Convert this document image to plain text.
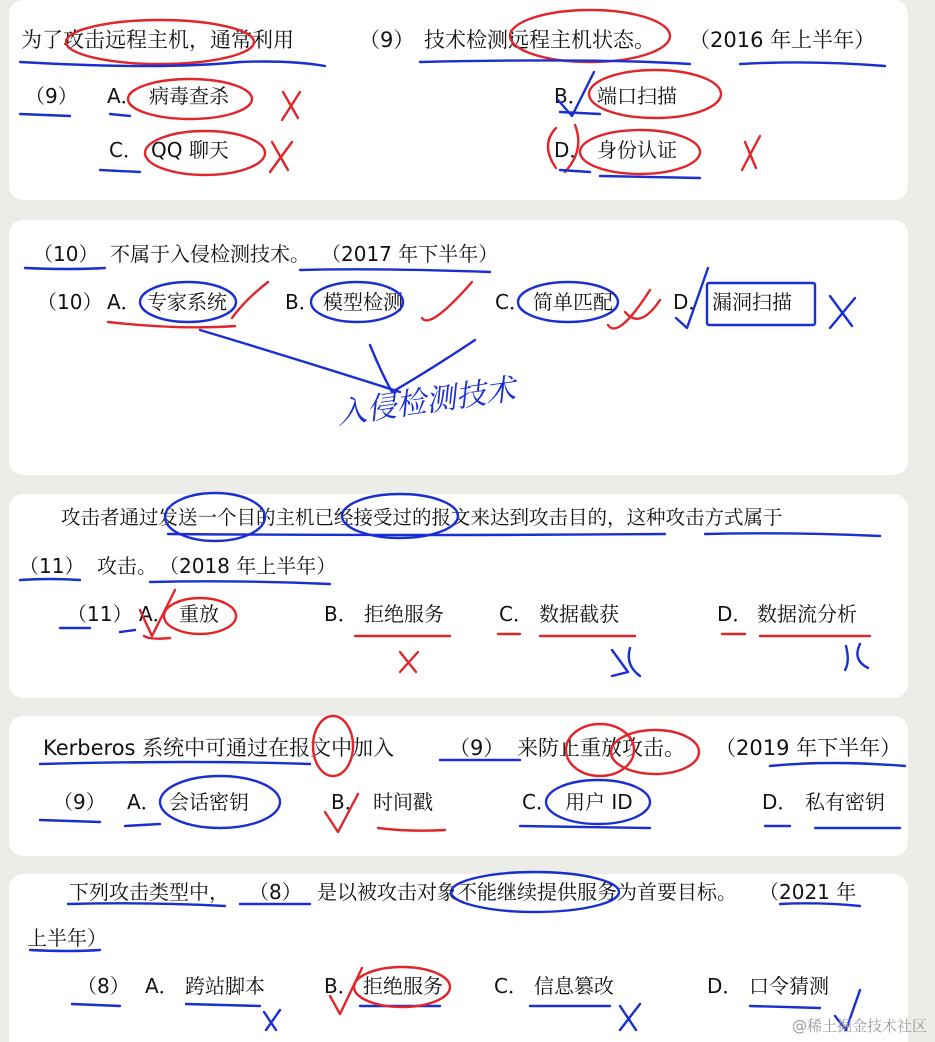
为了攻击远程主机，通常利用	（9） 技术检测远程主机状态。 （2016 年上半年）
（9） A． 病毒查杀	B． 端口扫描
C． QQ 聊天	D． 身份认证
（10） 不属于入侵检测技术。 （2017 年下半年）
（10） A． 专家系统	B． 模型检测	C． 简单匹配	D． 漏洞扫描
入侵检测技术
攻击者通过发送一个目的主机已经接受过的报文来达到攻击目的，这种攻击方式属于
（11） 攻击。 （2018 年上半年）
（11） A． 重放	B． 拒绝服务	C． 数据截获	D． 数据流分析
Kerberos 系统中可通过在报文中加入	（9） 来防止重放攻击。 （2019 年下半年）
（9） A． 会话密钥	B． 时间戳	C． 用户 ID	D． 私有密钥
下列攻击类型中， （8） 是以被攻击对象不能继续提供服务为首要目标。 （2021 年
上半年）
（8） A． 跨站脚本	B． 拒绝服务	C． 信息篡改	D． 口令猜测
@稀土掘金技术社区
